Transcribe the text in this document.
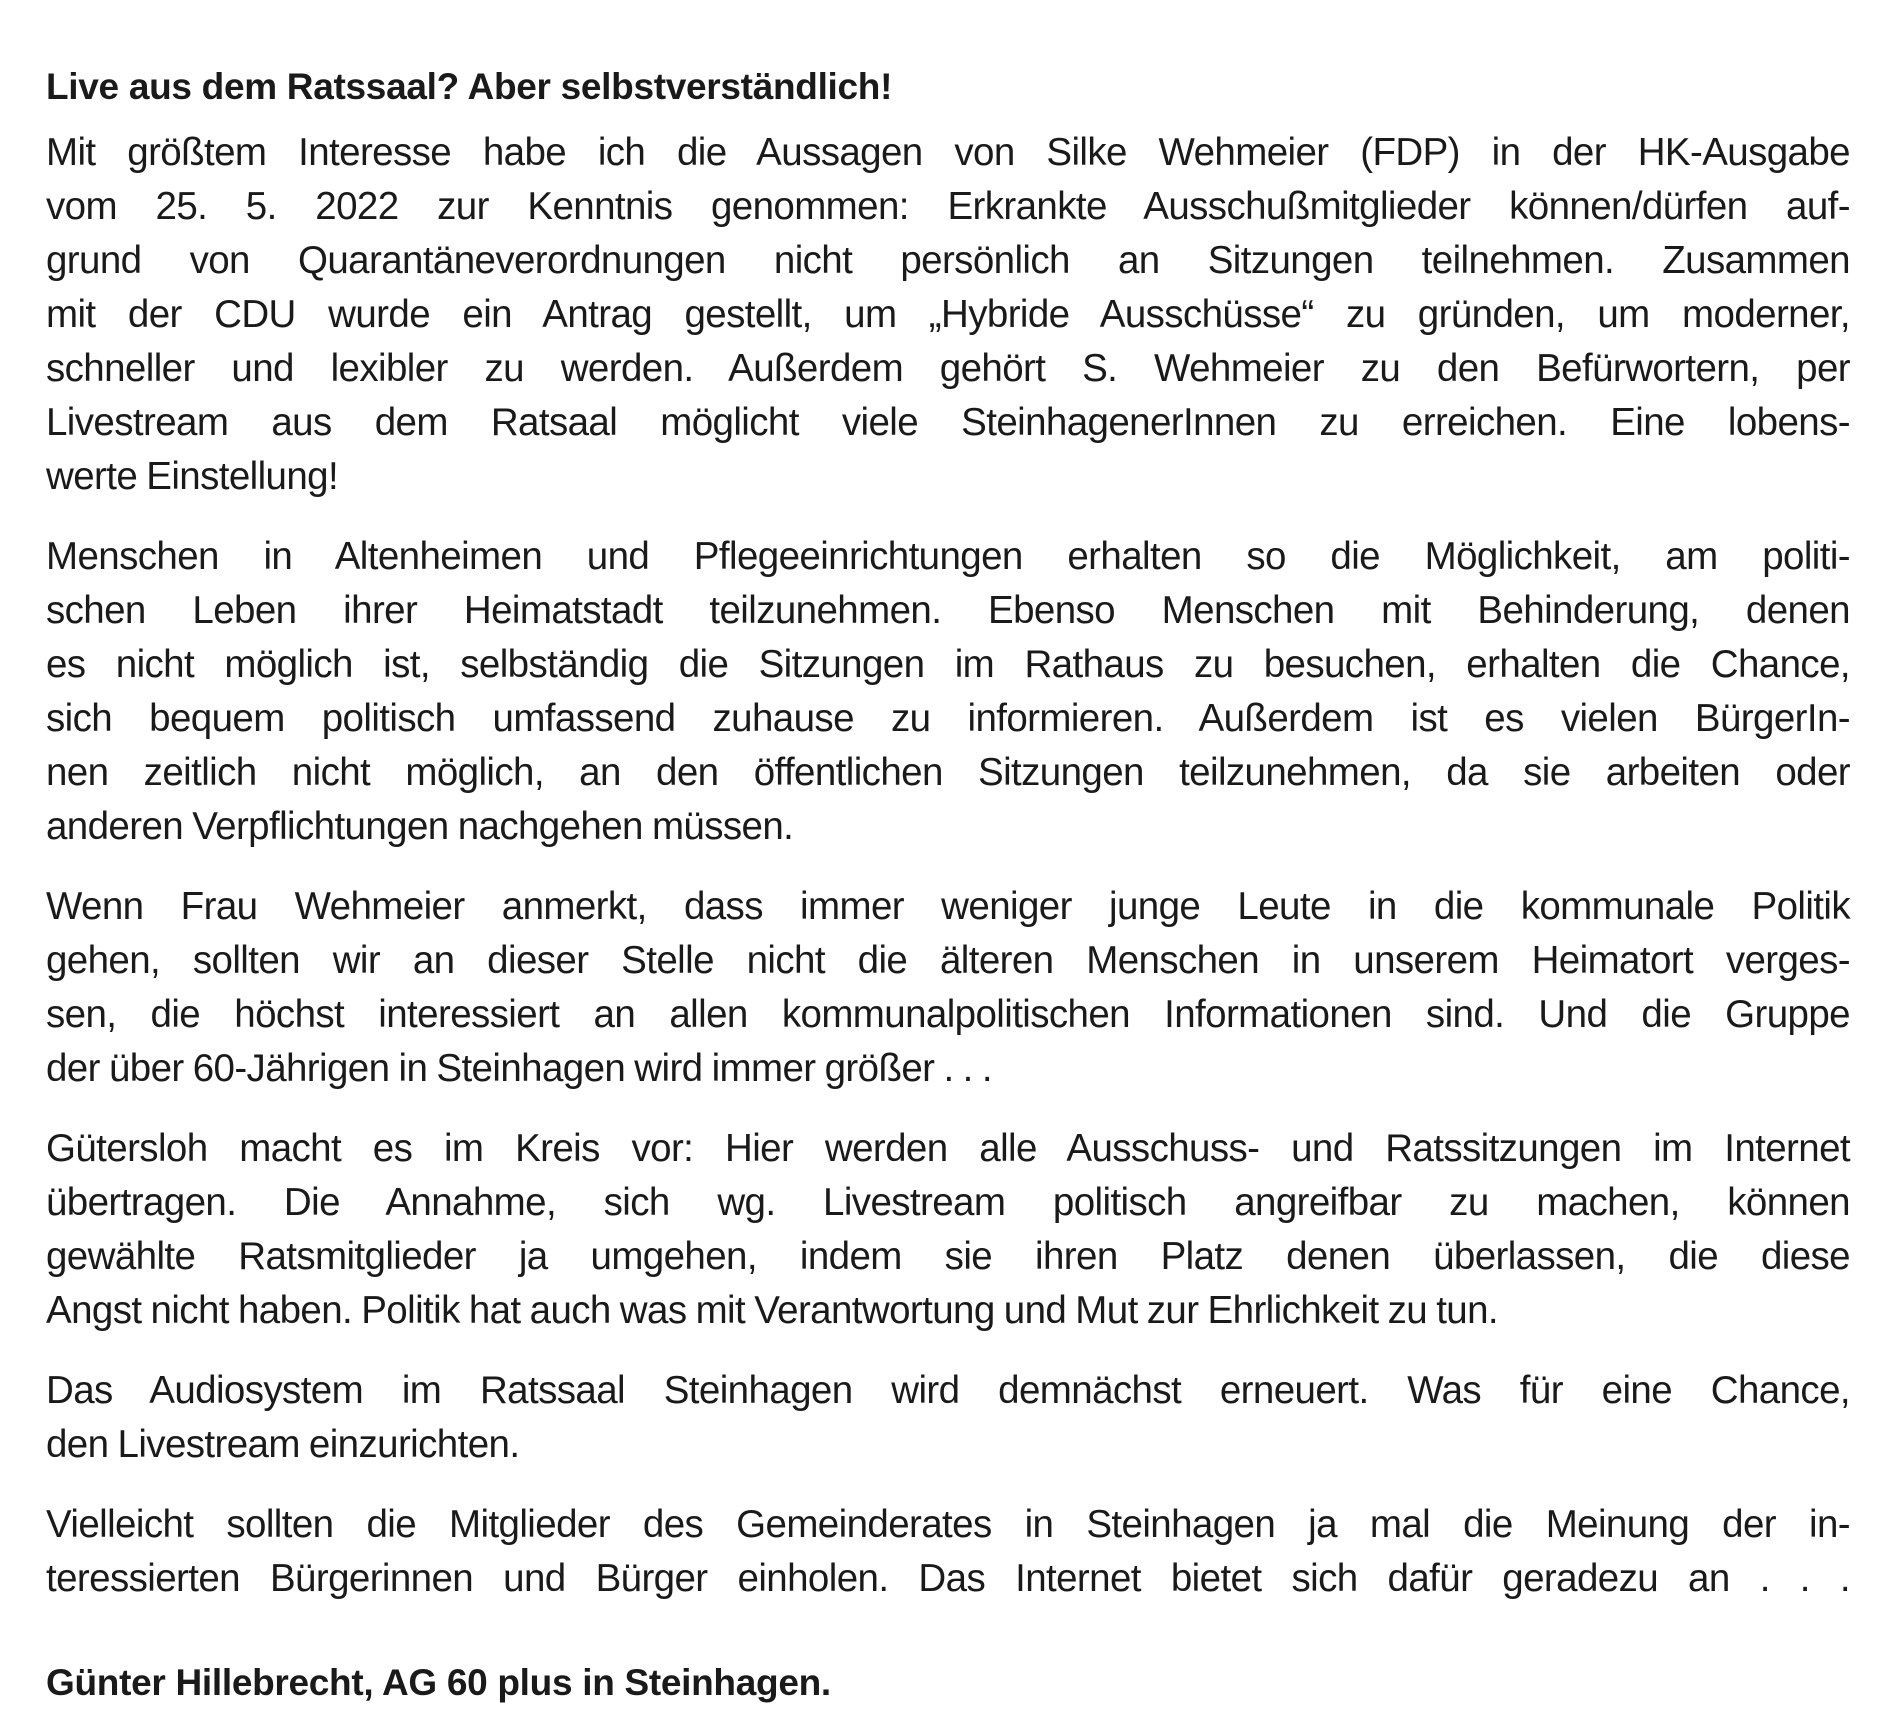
Live aus dem Ratssaal? Aber selbstverständlich!

Mit größtem Interesse habe ich die Aussagen von Silke Wehmeier (FDP) in der HK-Ausgabe
vom 25. 5. 2022 zur Kenntnis genommen: Erkrankte Ausschußmitglieder können/dürfen auf-
grund von Quarantäneverordnungen nicht persönlich an Sitzungen teilnehmen. Zusammen
mit der CDU wurde ein Antrag gestellt, um „Hybride Ausschüsse“ zu gründen, um moderner,
schneller und lexibler zu werden. Außerdem gehört S. Wehmeier zu den Befürwortern, per
Livestream aus dem Ratsaal möglicht viele SteinhagenerInnen zu erreichen. Eine lobens-
werte Einstellung!

Menschen in Altenheimen und Pflegeeinrichtungen erhalten so die Möglichkeit, am politi-
schen Leben ihrer Heimatstadt teilzunehmen. Ebenso Menschen mit Behinderung, denen
es nicht möglich ist, selbständig die Sitzungen im Rathaus zu besuchen, erhalten die Chance,
sich bequem politisch umfassend zuhause zu informieren. Außerdem ist es vielen BürgerIn-
nen zeitlich nicht möglich, an den öffentlichen Sitzungen teilzunehmen, da sie arbeiten oder
anderen Verpflichtungen nachgehen müssen.

Wenn Frau Wehmeier anmerkt, dass immer weniger junge Leute in die kommunale Politik
gehen, sollten wir an dieser Stelle nicht die älteren Menschen in unserem Heimatort verges-
sen, die höchst interessiert an allen kommunalpolitischen Informationen sind. Und die Gruppe
der über 60-Jährigen in Steinhagen wird immer größer . . .

Gütersloh macht es im Kreis vor: Hier werden alle Ausschuss- und Ratssitzungen im Internet
übertragen. Die Annahme, sich wg. Livestream politisch angreifbar zu machen, können
gewählte Ratsmitglieder ja umgehen, indem sie ihren Platz denen überlassen, die diese
Angst nicht haben. Politik hat auch was mit Verantwortung und Mut zur Ehrlichkeit zu tun.

Das Audiosystem im Ratssaal Steinhagen wird demnächst erneuert. Was für eine Chance,
den Livestream einzurichten.

Vielleicht sollten die Mitglieder des Gemeinderates in Steinhagen ja mal die Meinung der in-
teressierten Bürgerinnen und Bürger einholen. Das Internet bietet sich dafür geradezu an . . .

Günter Hillebrecht, AG 60 plus in Steinhagen.
